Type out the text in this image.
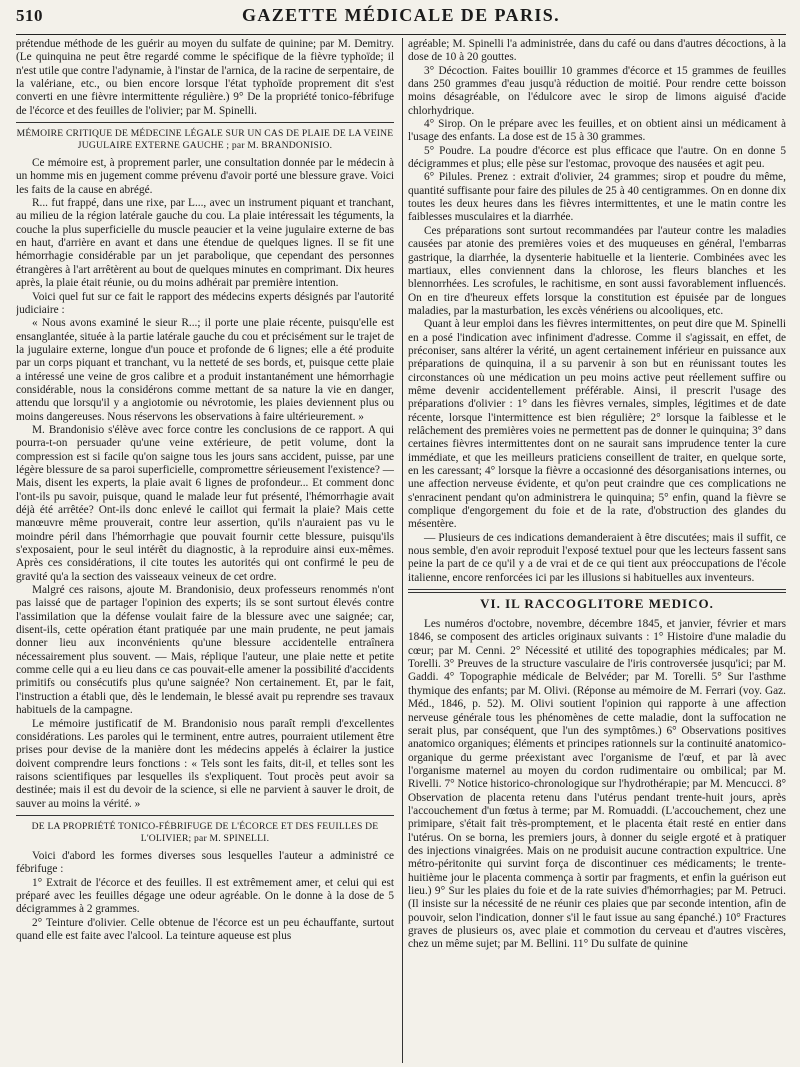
510	GAZETTE MÉDICALE DE PARIS.

prétendue méthode de les guérir au moyen du sulfate de quinine; par M. Demitry. (Le quinquina ne peut être regardé comme le spécifique de la fièvre typhoïde; il n'est utile que contre l'adynamie, à l'instar de l'arnica, de la racine de serpentaire, de la valériane, etc., ou bien encore lorsque l'état typhoïde proprement dit s'est converti en une fièvre intermittente régulière.) 9° De la propriété tonico-fébrifuge de l'écorce et des feuilles de l'olivier; par M. Spinelli.

MÉMOIRE CRITIQUE DE MÉDECINE LÉGALE SUR UN CAS DE PLAIE DE LA VEINE JUGULAIRE EXTERNE GAUCHE ; par M. BRANDONISIO.

Ce mémoire est, à proprement parler, une consultation donnée par le médecin à un homme mis en jugement comme prévenu d'avoir porté une blessure grave. Voici les faits de la cause en abrégé.

R... fut frappé, dans une rixe, par L..., avec un instrument piquant et tranchant, au milieu de la région latérale gauche du cou. La plaie intéressait les téguments, la couche la plus superficielle du muscle peaucier et la veine jugulaire externe de bas en haut, d'arrière en avant et dans une étendue de quelques lignes. Il se fit une hémorrhagie considérable par un jet parabolique, que cependant des personnes étrangères à l'art arrêtèrent au bout de quelques minutes en comprimant. Dix heures après, la plaie était réunie, ou du moins adhérait par première intention.

Voici quel fut sur ce fait le rapport des médecins experts désignés par l'autorité judiciaire :

« Nous avons examiné le sieur R...; il porte une plaie récente, puisqu'elle est ensanglantée, située à la partie latérale gauche du cou et précisément sur le trajet de la jugulaire externe, longue d'un pouce et profonde de 6 lignes; elle a été produite par un corps piquant et tranchant, vu la netteté de ses bords, et, puisque cette plaie a intéressé une veine de gros calibre et a produit instantanément une hémorrhagie considérable, nous la considérons comme mettant de sa nature la vie en danger, attendu que lorsqu'il y a angiotomie ou névrotomie, les plaies deviennent plus ou moins dangereuses. Nous réservons les observations à faire ultérieurement. »

M. Brandonisio s'élève avec force contre les conclusions de ce rapport. A qui pourra-t-on persuader qu'une veine extérieure, de petit volume, dont la compression est si facile qu'on saigne tous les jours sans accident, puisse, par une légère blessure de sa paroi superficielle, compromettre sérieusement l'existence? — Mais, disent les experts, la plaie avait 6 lignes de profondeur... Et comment donc l'ont-ils pu savoir, puisque, quand le malade leur fut présenté, l'hémorrhagie avait déjà été arrêtée? Ont-ils donc enlevé le caillot qui fermait la plaie? Mais cette manœuvre même prouverait, contre leur assertion, qu'ils n'auraient pas vu le moindre péril dans l'hémorrhagie que pouvait fournir cette blessure, puisqu'ils s'exposaient, pour le seul intérêt du diagnostic, à la reproduire ainsi eux-mêmes. Après ces considérations, il cite toutes les autorités qui ont confirmé le peu de gravité qu'a la section des vaisseaux veineux de cet ordre.

Malgré ces raisons, ajoute M. Brandonisio, deux professeurs renommés n'ont pas laissé que de partager l'opinion des experts; ils se sont surtout élevés contre l'assimilation que la défense voulait faire de la blessure avec une saignée; car, disent-ils, cette opération étant pratiquée par une main prudente, ne peut jamais donner lieu aux inconvénients qu'une blessure accidentelle entraînera nécessairement plus souvent. — Mais, réplique l'auteur, une plaie nette et petite comme celle qui a eu lieu dans ce cas pouvait-elle amener la possibilité d'accidents primitifs ou consécutifs plus qu'une saignée? Non certainement. Et, par le fait, l'instruction a établi que, dès le lendemain, le blessé avait pu reprendre ses travaux habituels de la campagne.

Le mémoire justificatif de M. Brandonisio nous paraît rempli d'excellentes considérations. Les paroles qui le terminent, entre autres, pourraient utilement être prises pour devise de la manière dont les médecins appelés à éclairer la justice doivent comprendre leurs fonctions : « Tels sont les faits, dit-il, et telles sont les raisons scientifiques par lesquelles ils s'expliquent. Tout procès peut avoir sa destinée; mais il est du devoir de la science, si elle ne parvient à sauver le droit, de sauver au moins la vérité. »

DE LA PROPRIÉTÉ TONICO-FÉBRIFUGE DE L'ÉCORCE ET DES FEUILLES DE L'OLIVIER; par M. SPINELLI.

Voici d'abord les formes diverses sous lesquelles l'auteur a administré ce fébrifuge :

1° Extrait de l'écorce et des feuilles. Il est extrêmement amer, et celui qui est préparé avec les feuilles dégage une odeur agréable. On le donne à la dose de 5 décigrammes à 2 grammes.

2° Teinture d'olivier. Celle obtenue de l'écorce est un peu échauffante, surtout quand elle est faite avec l'alcool. La teinture aqueuse est plus

agréable; M. Spinelli l'a administrée, dans du café ou dans d'autres décoctions, à la dose de 10 à 20 gouttes.

3° Décoction. Faites bouillir 10 grammes d'écorce et 15 grammes de feuilles dans 250 grammes d'eau jusqu'à réduction de moitié. Pour rendre cette boisson moins désagréable, on l'édulcore avec le sirop de limons aiguisé d'acide chlorhydrique.

4° Sirop. On le prépare avec les feuilles, et on obtient ainsi un médicament à l'usage des enfants. La dose est de 15 à 30 grammes.

5° Poudre. La poudre d'écorce est plus efficace que l'autre. On en donne 5 décigrammes et plus; elle pèse sur l'estomac, provoque des nausées et agit peu.

6° Pilules. Prenez : extrait d'olivier, 24 grammes; sirop et poudre du même, quantité suffisante pour faire des pilules de 25 à 40 centigrammes. On en donne dix toutes les deux heures dans les fièvres intermittentes, et une le matin contre les faiblesses musculaires et la diarrhée.

Ces préparations sont surtout recommandées par l'auteur contre les maladies causées par atonie des premières voies et des muqueuses en général, l'embarras gastrique, la diarrhée, la dysenterie habituelle et la lienterie. Combinées avec les martiaux, elles conviennent dans la chlorose, les fleurs blanches et les blennorrhées. Les scrofules, le rachitisme, en sont aussi favorablement influencés. On en tire d'heureux effets lorsque la constitution est épuisée par de longues maladies, par la masturbation, les excès vénériens ou alcooliques, etc.

Quant à leur emploi dans les fièvres intermittentes, on peut dire que M. Spinelli en a posé l'indication avec infiniment d'adresse. Comme il s'agissait, en effet, de préconiser, sans altérer la vérité, un agent certainement inférieur en puissance aux préparations de quinquina, il a su parvenir à son but en réunissant toutes les circonstances où une médication un peu moins active peut réellement suffire ou même devenir accidentellement préférable. Ainsi, il prescrit l'usage des préparations d'olivier : 1° dans les fièvres vernales, simples, légitimes et de date récente, lorsque l'intermittence est bien régulière; 2° lorsque la faiblesse et le relâchement des premières voies ne permettent pas de donner le quinquina; 3° dans certaines fièvres intermittentes dont on ne saurait sans imprudence tenter la cure immédiate, et que les meilleurs praticiens conseillent de traiter, en quelque sorte, en les caressant; 4° lorsque la fièvre a occasionné des désorganisations internes, ou une affection nerveuse évidente, et qu'on peut craindre que ces complications ne s'enracinent pendant qu'on administrera le quinquina; 5° enfin, quand la fièvre se complique d'engorgement du foie et de la rate, d'obstruction des glandes du mésentère.

— Plusieurs de ces indications demanderaient à être discutées; mais il suffit, ce nous semble, d'en avoir reproduit l'exposé textuel pour que les lecteurs fassent sans peine la part de ce qu'il y a de vrai et de ce qui tient aux préoccupations de l'école italienne, encore renforcées ici par les illusions si habituelles aux inventeurs.

VI. IL RACCOGLITORE MEDICO.

Les numéros d'octobre, novembre, décembre 1845, et janvier, février et mars 1846, se composent des articles originaux suivants : 1° Histoire d'une maladie du cœur; par M. Cenni. 2° Nécessité et utilité des topographies médicales; par M. Torelli. 3° Preuves de la structure vasculaire de l'iris controversée jusqu'ici; par M. Gaddi. 4° Topographie médicale de Belvéder; par M. Torelli. 5° Sur l'asthme thymique des enfants; par M. Olivi. (Réponse au mémoire de M. Ferrari (voy. Gaz. Méd., 1846, p. 52). M. Olivi soutient l'opinion qui rapporte à une affection nerveuse générale tous les phénomènes de cette maladie, dont la suffocation ne serait plus, par conséquent, que l'un des symptômes.) 6° Observations positives anatomico organiques; éléments et principes rationnels sur la continuité anatomico-organique du germe préexistant avec l'organisme de l'œuf, et par là avec l'organisme maternel au moyen du cordon rudimentaire ou ombilical; par M. Rivelli. 7° Notice historico-chronologique sur l'hydrothérapie; par M. Mencucci. 8° Observation de placenta retenu dans l'utérus pendant trente-huit jours, après l'accouchement d'un fœtus à terme; par M. Romuaddi. (L'accouchement, chez une primipare, s'était fait très-promptement, et le placenta était resté en entier dans l'utérus. On se borna, les premiers jours, à donner du seigle ergoté et à pratiquer des injections vinaigrées. Mais on ne produisit aucune contraction expultrice. Une métro-péritonite qui survint força de discontinuer ces médicaments; le trente-huitième jour le placenta commença à sortir par fragments, et enfin la guérison eut lieu.) 9° Sur les plaies du foie et de la rate suivies d'hémorrhagies; par M. Petruci. (Il insiste sur la nécessité de ne réunir ces plaies que par seconde intention, afin de pouvoir, selon l'indication, donner s'il le faut issue au sang épanché.) 10° Fractures graves de plusieurs os, avec plaie et commotion du cerveau et d'autres viscères, chez un même sujet; par M. Bellini. 11° Du sulfate de quinine
